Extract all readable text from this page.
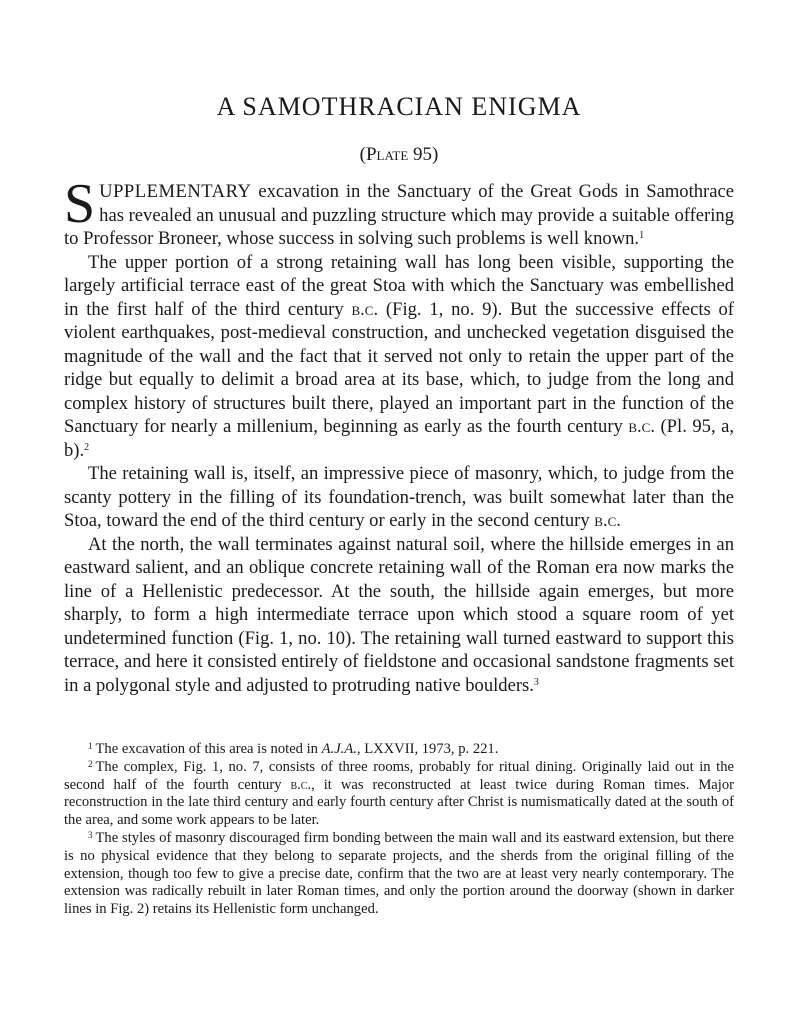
A SAMOTHRACIAN ENIGMA
(Plate 95)

SUPPLEMENTARY excavation in the Sanctuary of the Great Gods in Samothrace has revealed an unusual and puzzling structure which may provide a suitable offering to Professor Broneer, whose success in solving such problems is well known.$^1$

The upper portion of a strong retaining wall has long been visible, supporting the largely artificial terrace east of the great Stoa with which the Sanctuary was embellished in the first half of the third century b.c. (Fig. 1, no. 9). But the successive effects of violent earthquakes, post-medieval construction, and unchecked vegetation disguised the magnitude of the wall and the fact that it served not only to retain the upper part of the ridge but equally to delimit a broad area at its base, which, to judge from the long and complex history of structures built there, played an important part in the function of the Sanctuary for nearly a millenium, beginning as early as the fourth century b.c. (Pl. 95, a, b).$^2$

The retaining wall is, itself, an impressive piece of masonry, which, to judge from the scanty pottery in the filling of its foundation-trench, was built somewhat later than the Stoa, toward the end of the third century or early in the second century b.c.

At the north, the wall terminates against natural soil, where the hillside emerges in an eastward salient, and an oblique concrete retaining wall of the Roman era now marks the line of a Hellenistic predecessor. At the south, the hillside again emerges, but more sharply, to form a high intermediate terrace upon which stood a square room of yet undetermined function (Fig. 1, no. 10). The retaining wall turned eastward to support this terrace, and here it consisted entirely of fieldstone and occasional sandstone fragments set in a polygonal style and adjusted to protruding native boulders.$^3$

$^1$ The excavation of this area is noted in A.J.A., LXXVII, 1973, p. 221.

$^2$ The complex, Fig. 1, no. 7, consists of three rooms, probably for ritual dining. Originally laid out in the second half of the fourth century b.c., it was reconstructed at least twice during Roman times. Major reconstruction in the late third century and early fourth century after Christ is numismatically dated at the south of the area, and some work appears to be later.

$^3$ The styles of masonry discouraged firm bonding between the main wall and its eastward extension, but there is no physical evidence that they belong to separate projects, and the sherds from the original filling of the extension, though too few to give a precise date, confirm that the two are at least very nearly contemporary. The extension was radically rebuilt in later Roman times, and only the portion around the doorway (shown in darker lines in Fig. 2) retains its Hellenistic form unchanged.
